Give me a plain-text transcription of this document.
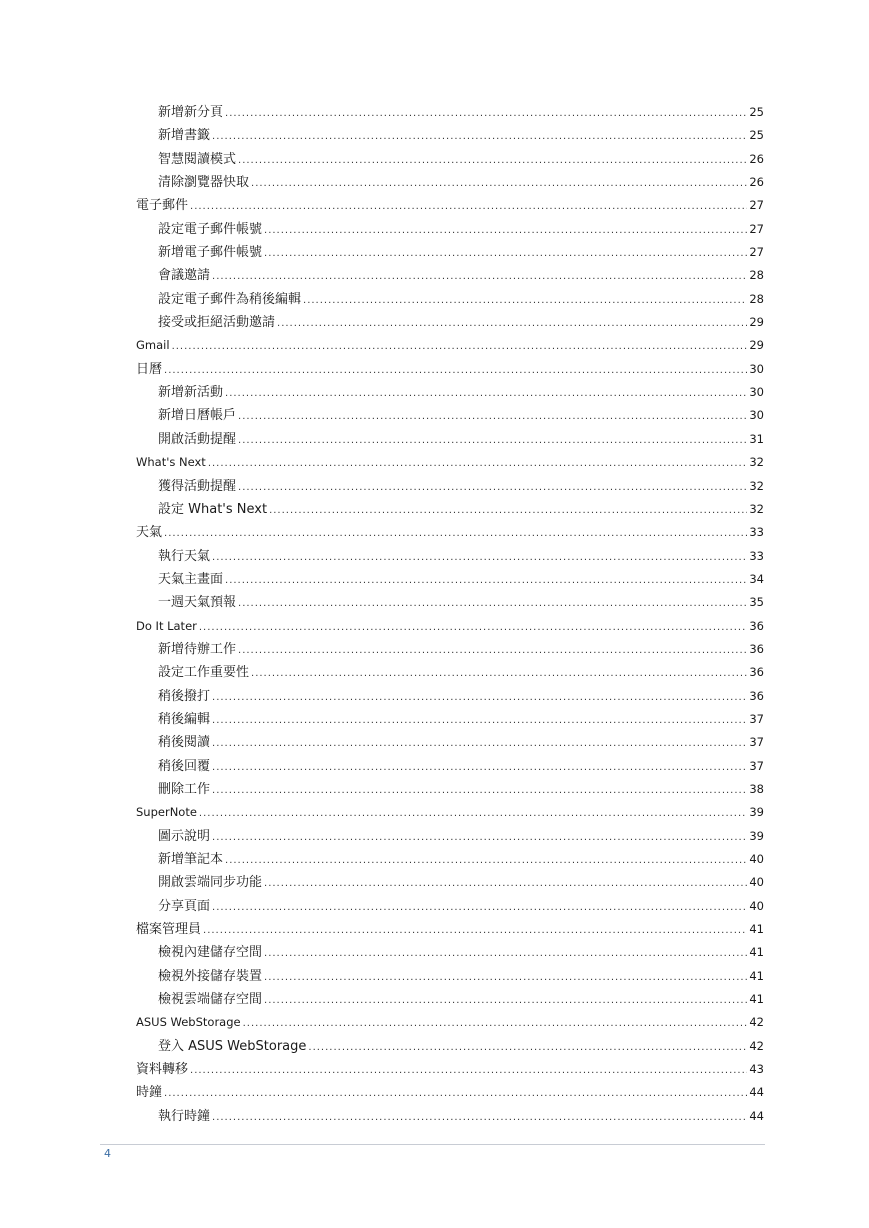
新增新分頁 .....	25
新增書籤 .....	25
智慧閱讀模式 .....	26
清除瀏覽器快取 .....	26
電子郵件 .....	27
設定電子郵件帳號 .....	27
新增電子郵件帳號 .....	27
會議邀請 .....	28
設定電子郵件為稍後編輯 .....	28
接受或拒絕活動邀請 .....	29
Gmail .....	29
日曆 .....	30
新增新活動 .....	30
新增日曆帳戶 .....	30
開啟活動提醒 .....	31
What's Next .....	32
獲得活動提醒 .....	32
設定 What's Next .....	32
天氣 .....	33
執行天氣 .....	33
天氣主畫面 .....	34
一週天氣預報 .....	35
Do It Later .....	36
新增待辦工作 .....	36
設定工作重要性 .....	36
稍後撥打 .....	36
稍後編輯 .....	37
稍後閱讀 .....	37
稍後回覆 .....	37
刪除工作 .....	38
SuperNote .....	39
圖示說明 .....	39
新增筆記本 .....	40
開啟雲端同步功能 .....	40
分享頁面 .....	40
檔案管理員 .....	41
檢視內建儲存空間 .....	41
檢視外接儲存裝置 .....	41
檢視雲端儲存空間 .....	41
ASUS WebStorage .....	42
登入 ASUS WebStorage .....	42
資料轉移 .....	43
時鐘 .....	44
執行時鐘 .....	44
4
